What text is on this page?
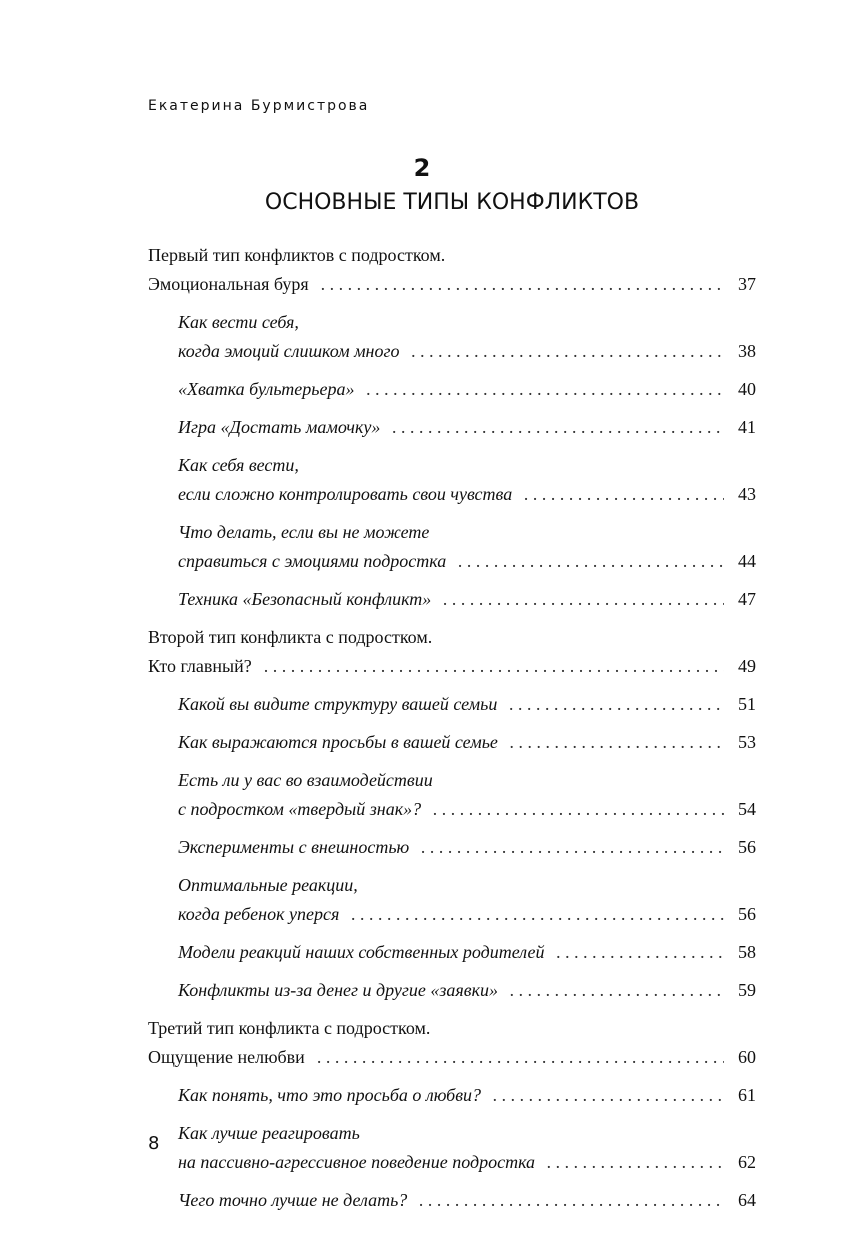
Екатерина Бурмистрова
2
ОСНОВНЫЕ ТИПЫ КОНФЛИКТОВ
Первый тип конфликтов с подростком.
Эмоциональная буря . . .	37
Как вести себя,
когда эмоций слишком много . . .	38
«Хватка бультерьера» . . .	40
Игра «Достать мамочку» . . .	41
Как себя вести,
если сложно контролировать свои чувства . . .	43
Что делать, если вы не можете
справиться с эмоциями подростка . . .	44
Техника «Безопасный конфликт» . . .	47
Второй тип конфликта с подростком.
Кто главный? . . .	49
Какой вы видите структуру вашей семьи . . .	51
Как выражаются просьбы в вашей семье . . .	53
Есть ли у вас во взаимодействии
с подростком «твердый знак»? . . .	54
Эксперименты с внешностью . . .	56
Оптимальные реакции,
когда ребенок уперся . . .	56
Модели реакций наших собственных родителей . . .	58
Конфликты из-за денег и другие «заявки» . . .	59
Третий тип конфликта с подростком.
Ощущение нелюбви . . .	60
Как понять, что это просьба о любви? . . .	61
Как лучше реагировать
на пассивно-агрессивное поведение подростка . . .	62
Чего точно лучше не делать? . . .	64
8
